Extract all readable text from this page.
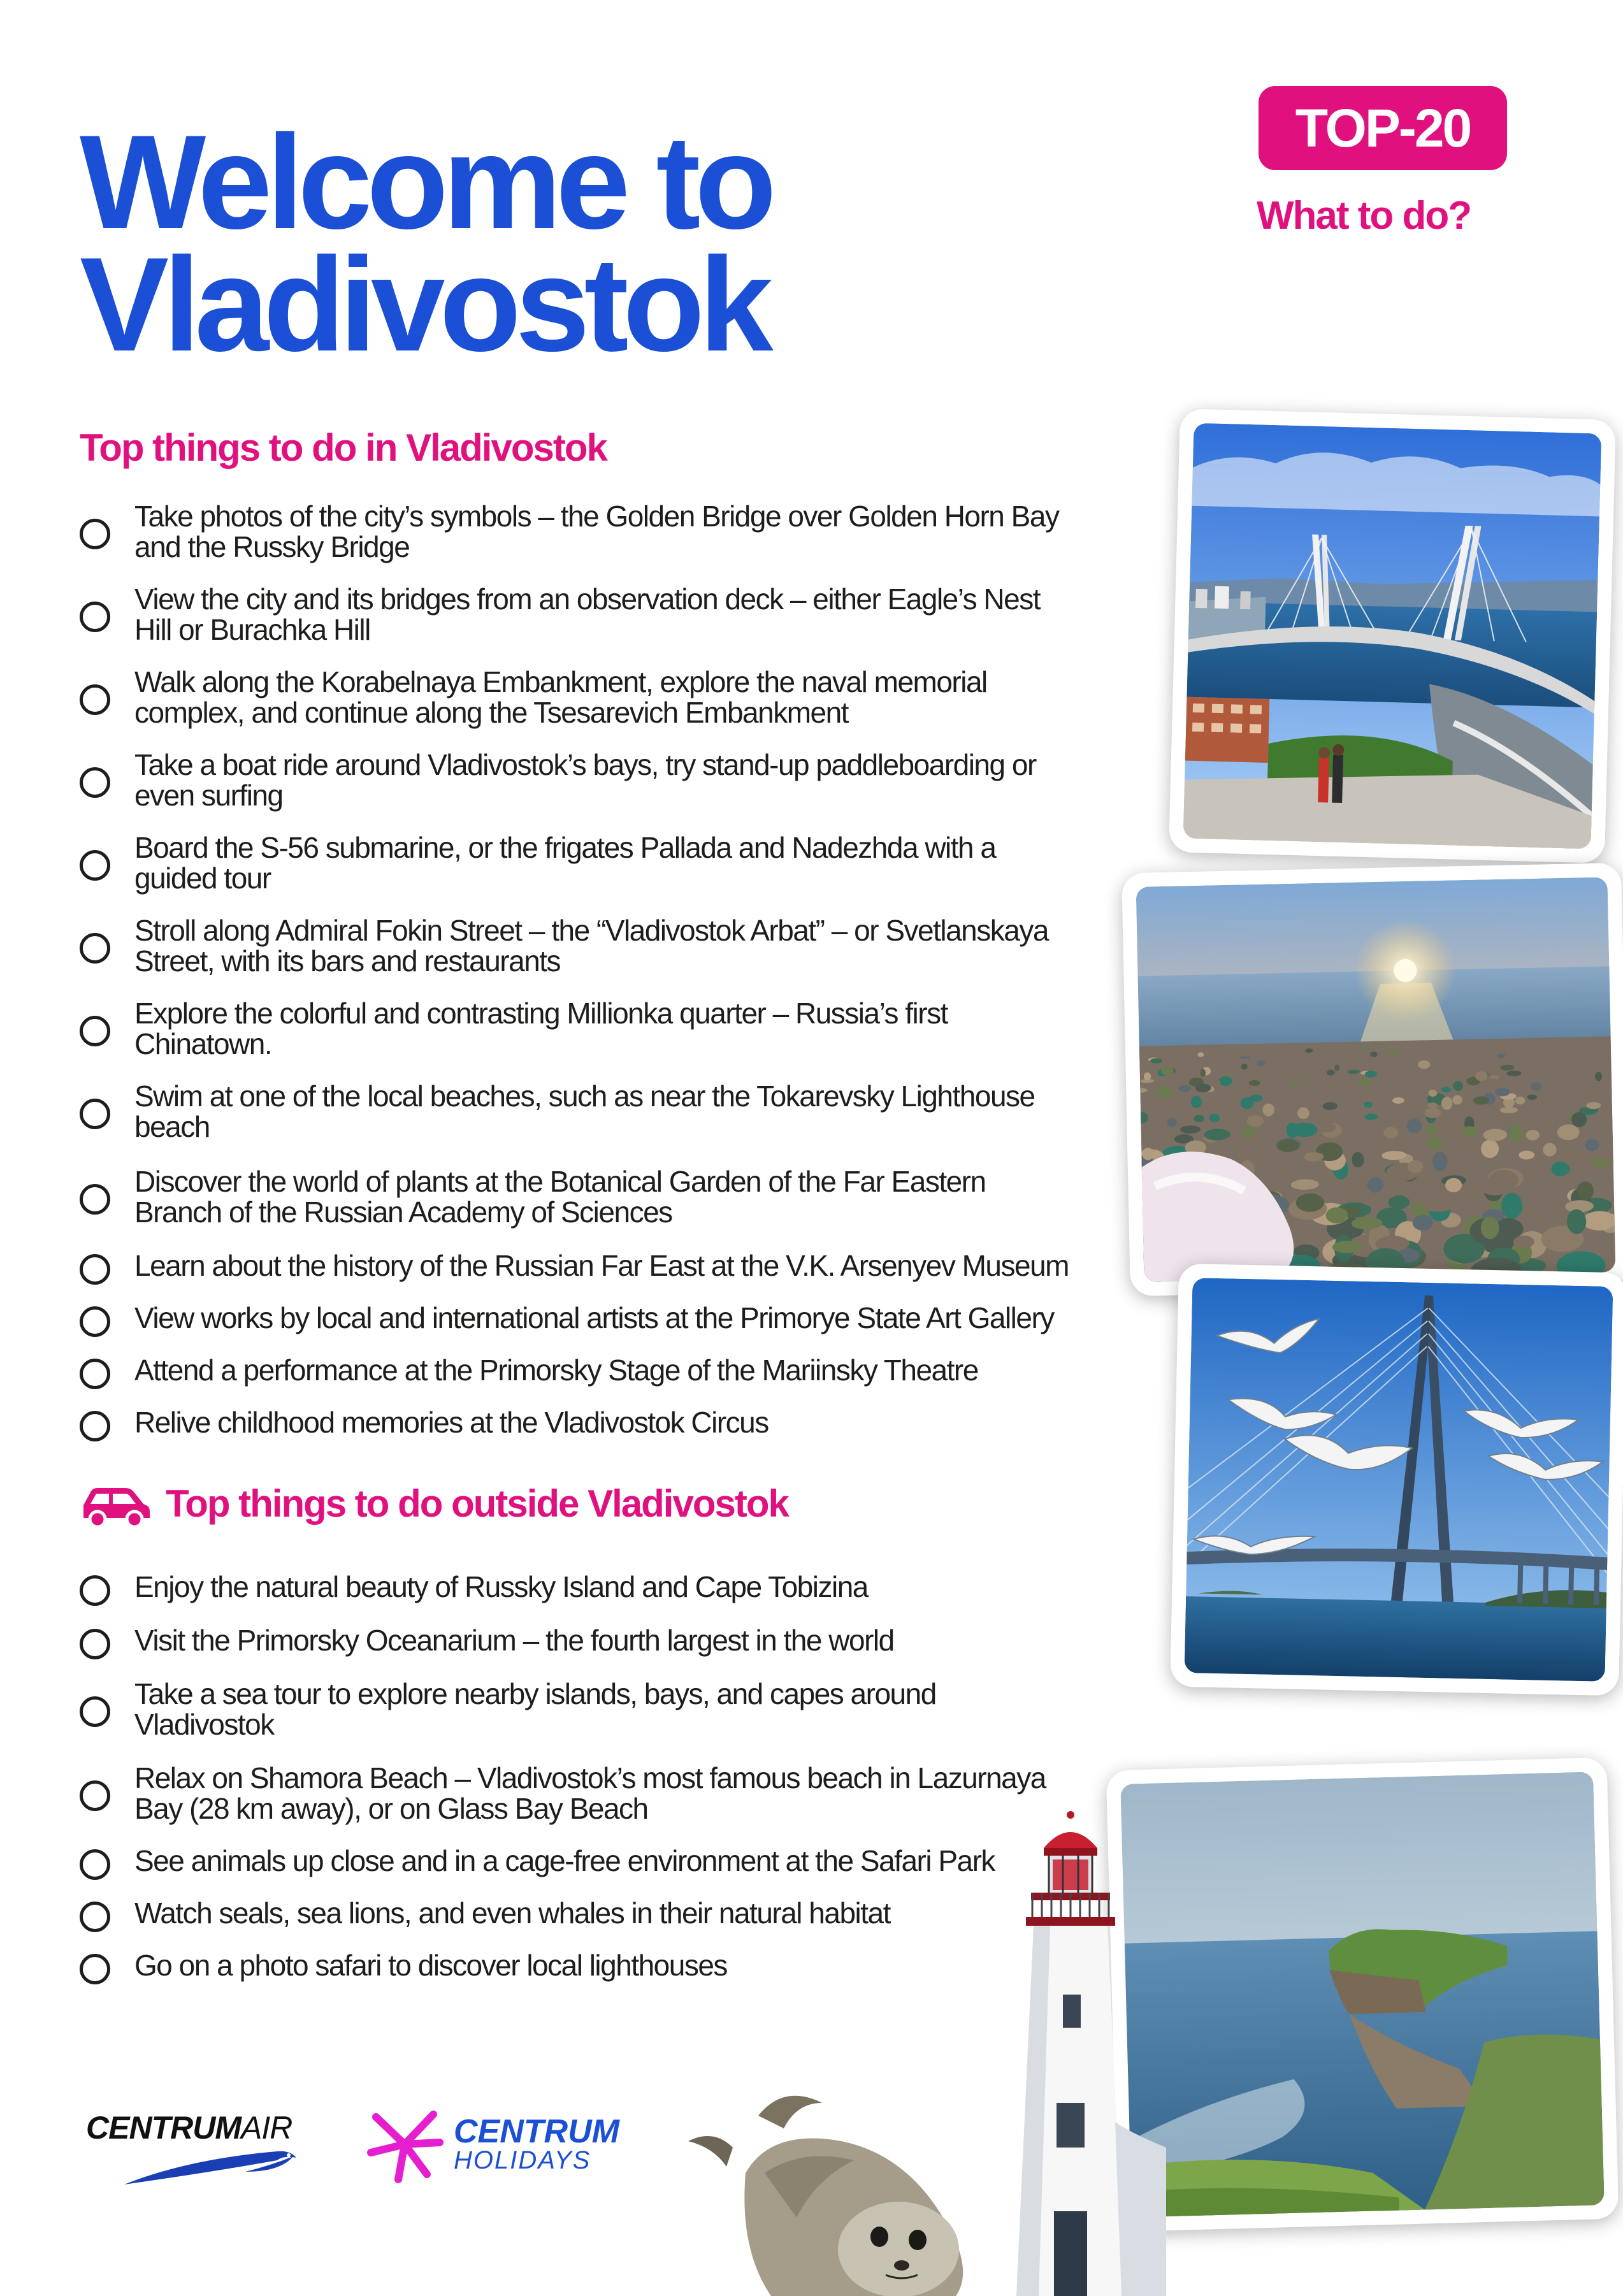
Welcome to
Vladivostok
TOP-20
What to do?
Top things to do in Vladivostok
Take photos of the city’s symbols – the Golden Bridge over Golden Horn Bay
and the Russky Bridge
View the city and its bridges from an observation deck – either Eagle’s Nest
Hill or Burachka Hill
Walk along the Korabelnaya Embankment, explore the naval memorial
complex, and continue along the Tsesarevich Embankment
Take a boat ride around Vladivostok’s bays, try stand-up paddleboarding or
even surfing
Board the S-56 submarine, or the frigates Pallada and Nadezhda with a
guided tour
Stroll along Admiral Fokin Street – the “Vladivostok Arbat” – or Svetlanskaya
Street, with its bars and restaurants
Explore the colorful and contrasting Millionka quarter – Russia’s first
Chinatown.
Swim at one of the local beaches, such as near the Tokarevsky Lighthouse
beach
Discover the world of plants at the Botanical Garden of the Far Eastern
Branch of the Russian Academy of Sciences
Learn about the history of the Russian Far East at the V.K. Arsenyev Museum
View works by local and international artists at the Primorye State Art Gallery
Attend a performance at the Primorsky Stage of the Mariinsky Theatre
Relive childhood memories at the Vladivostok Circus
Top things to do outside Vladivostok
Enjoy the natural beauty of Russky Island and Cape Tobizina
Visit the Primorsky Oceanarium – the fourth largest in the world
Take a sea tour to explore nearby islands, bays, and capes around
Vladivostok
Relax on Shamora Beach – Vladivostok’s most famous beach in Lazurnaya
Bay (28 km away), or on Glass Bay Beach
See animals up close and in a cage-free environment at the Safari Park
Watch seals, sea lions, and even whales in their natural habitat
Go on a photo safari to discover local lighthouses
CENTRUMAIR	CENTRUM
HOLIDAYS
